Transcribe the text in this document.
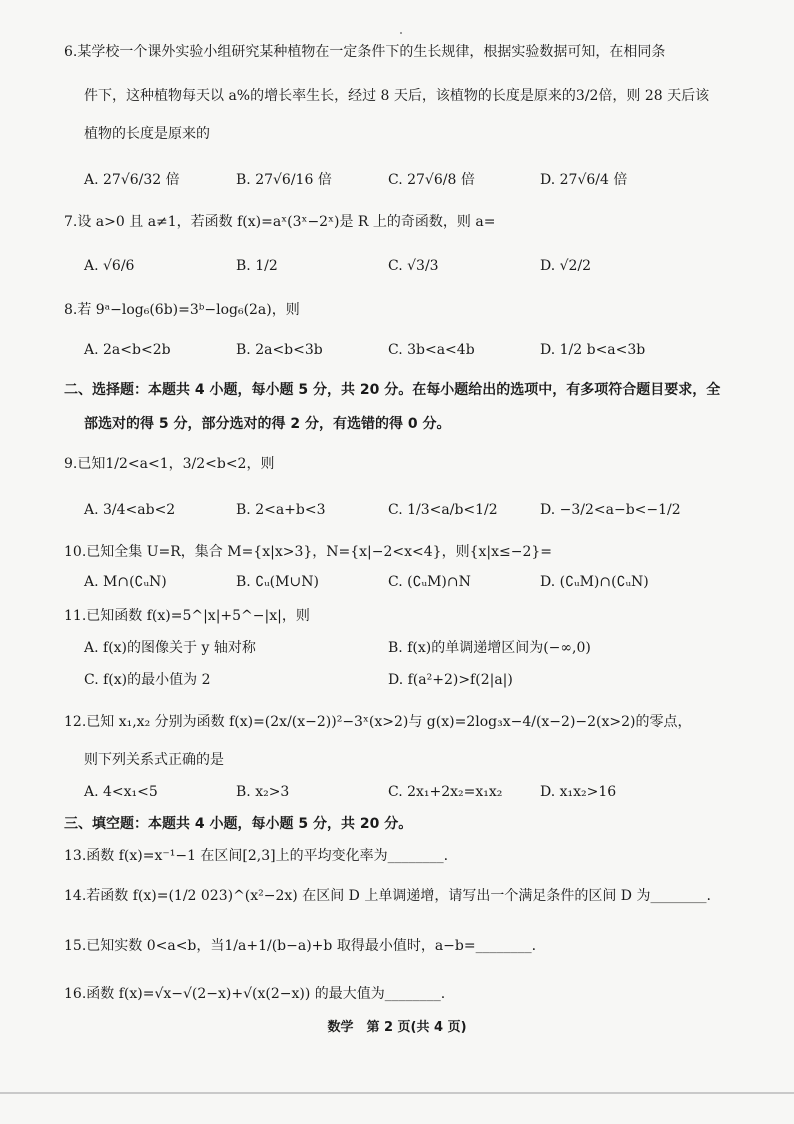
6.某学校一个课外实验小组研究某种植物在一定条件下的生长规律，根据实验数据可知，在相同条
件下，这种植物每天以 a%的增长率生长，经过 8 天后，该植物的长度是原来的3/2倍，则 28 天后该
植物的长度是原来的
A. 27√6/32 倍	B. 27√6/16 倍	C. 27√6/8 倍	D. 27√6/4 倍
7.设 a>0 且 a≠1，若函数 f(x)=aˣ(3ˣ−2ˣ)是 R 上的奇函数，则 a=
A. √6/6	B. 1/2	C. √3/3	D. √2/2
8.若 9ᵃ−log₆(6b)=3ᵇ−log₆(2a)，则
A. 2a<b<2b	B. 2a<b<3b	C. 3b<a<4b	D. 1/2 b<a<3b
二、选择题：本题共 4 小题，每小题 5 分，共 20 分。在每小题给出的选项中，有多项符合题目要求，全
部选对的得 5 分，部分选对的得 2 分，有选错的得 0 分。
9.已知1/2<a<1，3/2<b<2，则
A. 3/4<ab<2	B. 2<a+b<3	C. 1/3<a/b<1/2	D. −3/2<a−b<−1/2
10.已知全集 U=R，集合 M={x|x>3}，N={x|−2<x<4}，则{x|x≤−2}=
A. M∩(∁ᵤN)	B. ∁ᵤ(M∪N)	C. (∁ᵤM)∩N	D. (∁ᵤM)∩(∁ᵤN)
11.已知函数 f(x)=5^|x|+5^−|x|，则
A. f(x)的图像关于 y 轴对称	B. f(x)的单调递增区间为(−∞,0)
C. f(x)的最小值为 2	D. f(a²+2)>f(2|a|)
12.已知 x₁,x₂ 分别为函数 f(x)=(2x/(x−2))²−3ˣ(x>2)与 g(x)=2log₃x−4/(x−2)−2(x>2)的零点，
则下列关系式正确的是
A. 4<x₁<5	B. x₂>3	C. 2x₁+2x₂=x₁x₂	D. x₁x₂>16
三、填空题：本题共 4 小题，每小题 5 分，共 20 分。
13.函数 f(x)=x⁻¹−1 在区间[2,3]上的平均变化率为________.
14.若函数 f(x)=(1/2 023)^(x²−2x) 在区间 D 上单调递增，请写出一个满足条件的区间 D 为________.
15.已知实数 0<a<b，当1/a+1/(b−a)+b 取得最小值时，a−b=________.
16.函数 f(x)=√x−√(2−x)+√(x(2−x)) 的最大值为________.
数学　第 2 页(共 4 页)
